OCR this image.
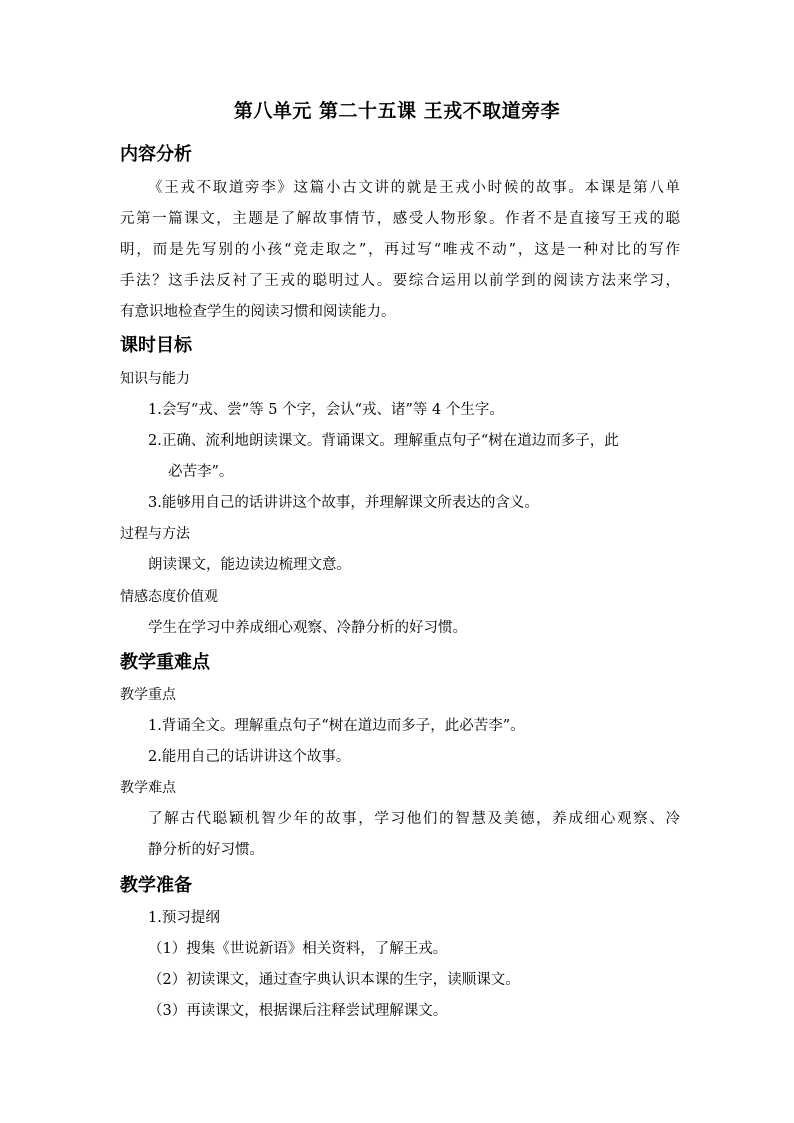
第八单元 第二十五课 王戎不取道旁李
内容分析
《王戎不取道旁李》这篇小古文讲的就是王戎小时候的故事。本课是第八单
元第一篇课文，主题是了解故事情节，感受人物形象。作者不是直接写王戎的聪
明，而是先写别的小孩“竞走取之”，再过写“唯戎不动”，这是一种对比的写作
手法？这手法反衬了王戎的聪明过人。要综合运用以前学到的阅读方法来学习，
有意识地检查学生的阅读习惯和阅读能力。
课时目标
知识与能力
1.会写“戎、尝”等 5 个字，会认“戎、诸”等 4 个生字。
2.正确、流利地朗读课文。背诵课文。理解重点句子“树在道边而多子，此
必苦李”。
3.能够用自己的话讲讲这个故事，并理解课文所表达的含义。
过程与方法
朗读课文，能边读边梳理文意。
情感态度价值观
学生在学习中养成细心观察、冷静分析的好习惯。
教学重难点
教学重点
1.背诵全文。理解重点句子“树在道边而多子，此必苦李”。
2.能用自己的话讲讲这个故事。
教学难点
了解古代聪颖机智少年的故事，学习他们的智慧及美德，养成细心观察、冷
静分析的好习惯。
教学准备
1.预习提纲
（1）搜集《世说新语》相关资料，了解王戎。
（2）初读课文，通过查字典认识本课的生字，读顺课文。
（3）再读课文，根据课后注释尝试理解课文。
